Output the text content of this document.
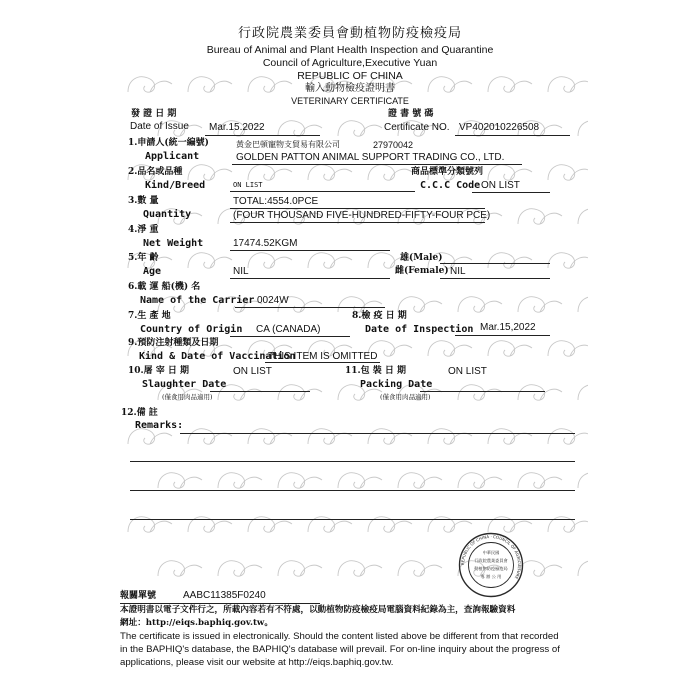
行政院農業委員會動植物防疫檢疫局
Bureau of Animal and Plant Health Inspection and Quarantine
Council of Agriculture,Executive Yuan
REPUBLIC OF CHINA
輸入動物檢疫證明書
VETERINARY CERTIFICATE
發 證 日 期
Date of Issue Mar.15.2022
證 書 號 碼
Certificate NO. VP402010226508
1.申請人(統一編號)
Applicant
黃金巴頓寵物支貿易有限公司	27970042
GOLDEN PATTON ANIMAL SUPPORT TRADING CO., LTD.
2.品名或品種
Kind/Breed	ON LIST
商品標準分類號列
C.C.C Code ON LIST
3.數 量
Quantity
TOTAL:4554.0PCE
(FOUR THOUSAND FIVE-HUNDRED-FIFTY-FOUR PCE)
4.淨 重
Net Weight	17474.52KGM
5.年 齡
Age	NIL
雄(Male)
雌(Female) NIL
6.載 運 船(機) 名
Name of the Carrier 0024W
7.生 產 地
Country of Origin CA (CANADA)
8.檢 疫 日 期
Date of Inspection Mar.15,2022
9.預防注射種類及日期
Kind & Date of Vaccination
THIS ITEM IS OMITTED
10.屠 宰 日 期	ON LIST
Slaughter Date
(僅食用肉品適用)
11.包 裝 日 期	ON LIST
Packing Date
(僅食用肉品適用)
12.備 註
Remarks:
REPUBLIC OF CHINA · COUNCIL OF AGRICULTURE
中華民國
行政院農業委員會
動植物防疫檢疫局
專 辦 公 用
報關單號	AABC11385F0240
本證明書以電子文件行之，所載內容若有不符處，以動植物防疫檢疫局電腦資料紀錄為主，查詢報驗資料
網址：http://eiqs.baphiq.gov.tw。
The certificate is issued in electronically. Should the content listed above be different from that recorded
in the BAPHIQ's database, the BAPHIQ's database will prevail. For on-line inquiry about the progress of
applications, please visit our website at http://eiqs.baphiq.gov.tw.
